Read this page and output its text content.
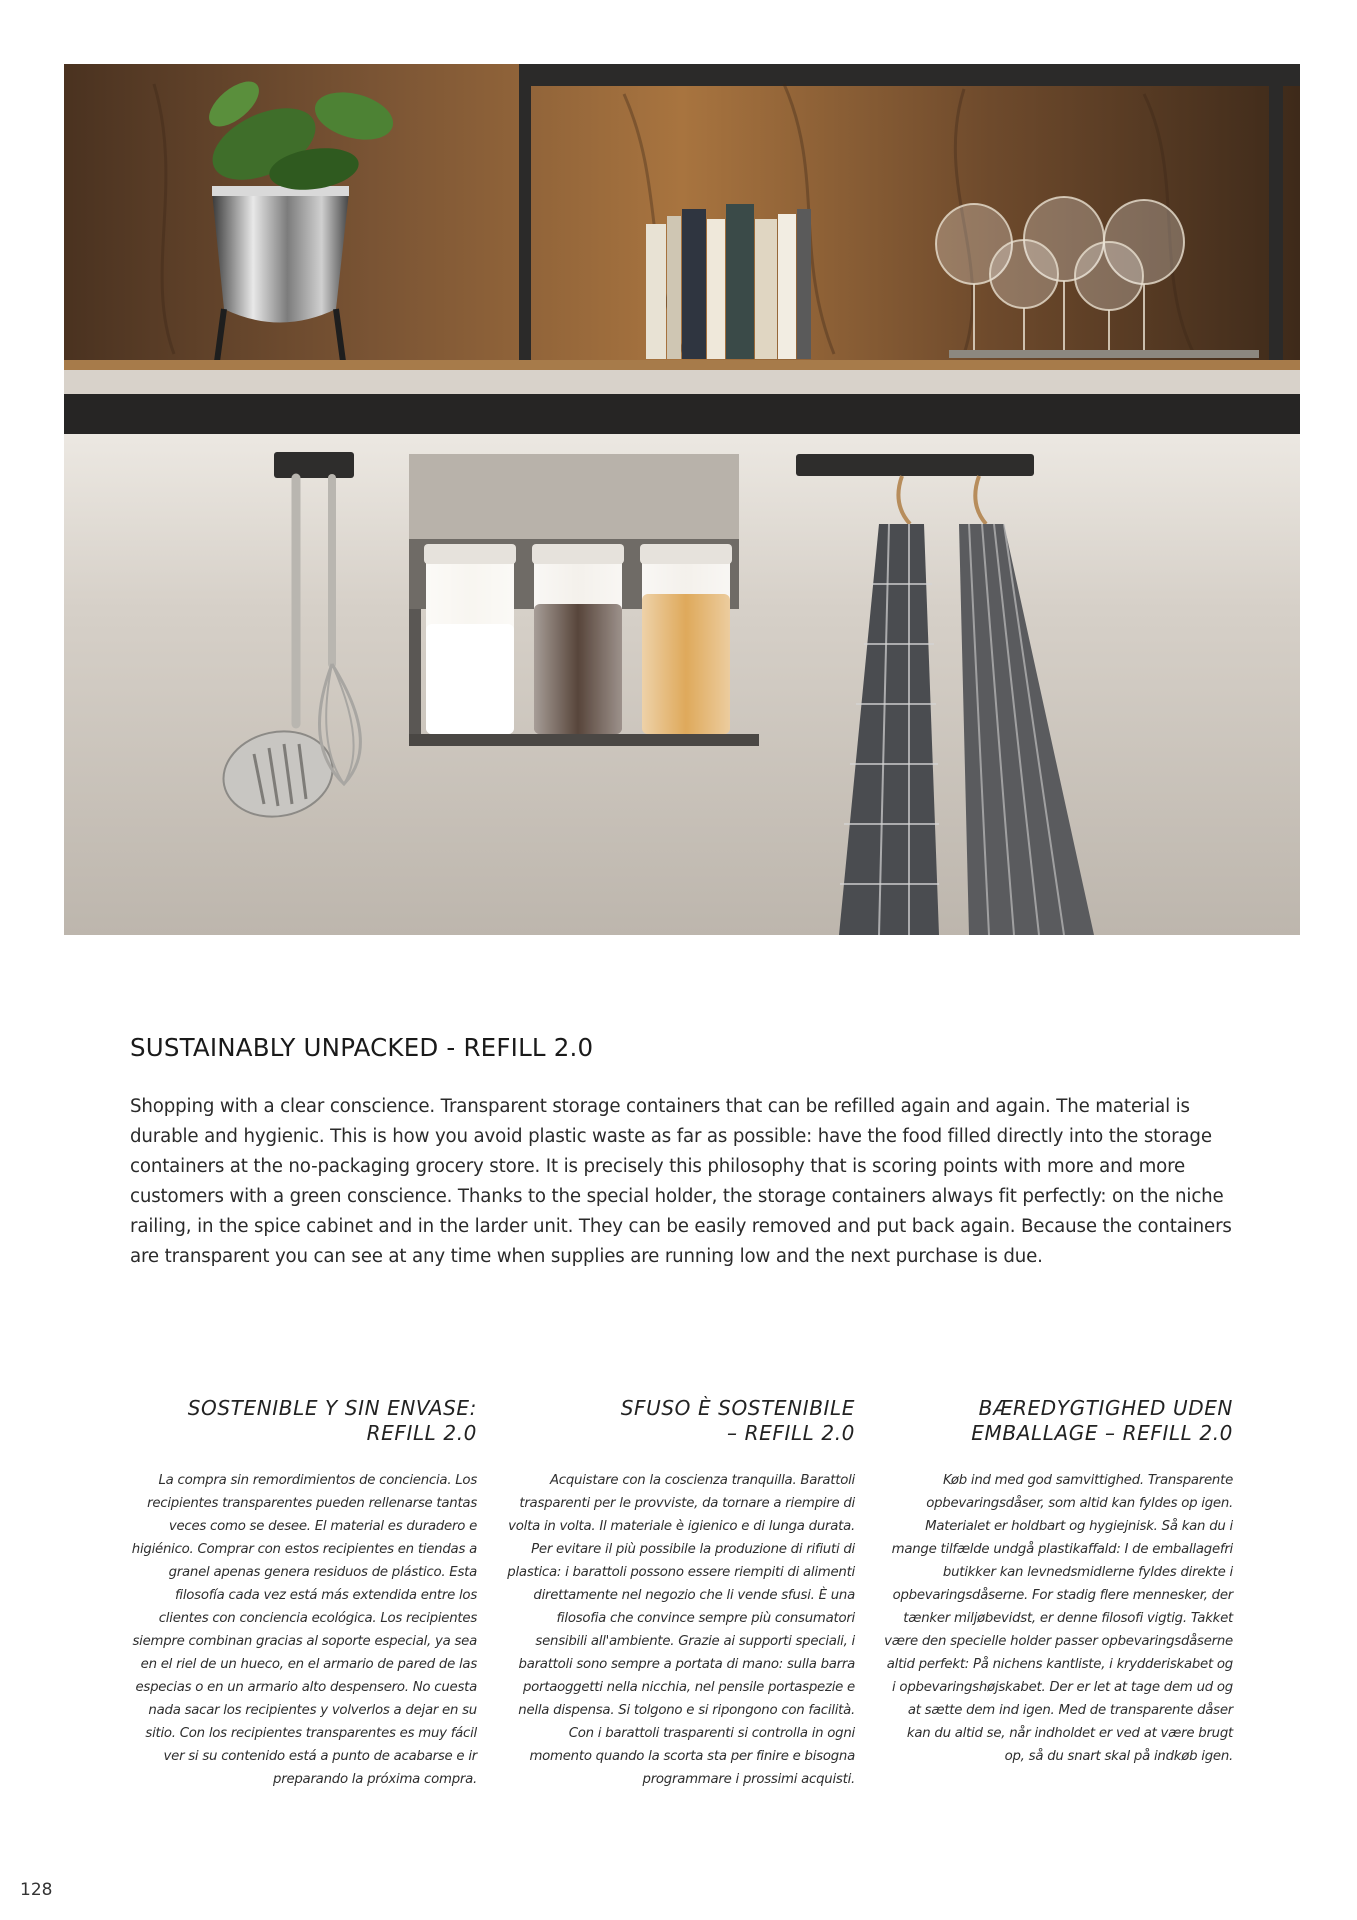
SUSTAINABLY UNPACKED - REFILL 2.0

Shopping with a clear conscience. Transparent storage containers that can be refilled again and again. The material is durable and hygienic. This is how you avoid plastic waste as far as possible: have the food filled directly into the storage containers at the no-packaging grocery store. It is precisely this philosophy that is scoring points with more and more customers with a green conscience. Thanks to the special holder, the storage containers always fit perfectly: on the niche railing, in the spice cabinet and in the larder unit. They can be easily removed and put back again. Because the containers are transparent you can see at any time when supplies are running low and the next purchase is due.

SOSTENIBLE Y SIN ENVASE:
REFILL 2.0

La compra sin remordimientos de conciencia. Los recipientes transparentes pueden rellenarse tantas veces como se desee. El material es duradero e higiénico. Comprar con estos recipientes en tiendas a granel apenas genera residuos de plástico. Esta filosofía cada vez está más extendida entre los clientes con conciencia ecológica. Los recipientes siempre combinan gracias al soporte especial, ya sea en el riel de un hueco, en el armario de pared de las especias o en un armario alto despensero. No cuesta nada sacar los recipientes y volverlos a dejar en su sitio. Con los recipientes transparentes es muy fácil ver si su contenido está a punto de acabarse e ir preparando la próxima compra.

SFUSO È SOSTENIBILE
– REFILL 2.0

Acquistare con la coscienza tranquilla. Barattoli trasparenti per le provviste, da tornare a riempire di volta in volta. Il materiale è igienico e di lunga durata. Per evitare il più possibile la produzione di rifiuti di plastica: i barattoli possono essere riempiti di alimenti direttamente nel negozio che li vende sfusi. È una filosofia che convince sempre più consumatori sensibili all'ambiente. Grazie ai supporti speciali, i barattoli sono sempre a portata di mano: sulla barra portaoggetti nella nicchia, nel pensile portaspezie e nella dispensa. Si tolgono e si ripongono con facilità. Con i barattoli trasparenti si controlla in ogni momento quando la scorta sta per finire e bisogna programmare i prossimi acquisti.

BÆREDYGTIGHED UDEN
EMBALLAGE – REFILL 2.0

Køb ind med god samvittighed. Transparente opbevaringsdåser, som altid kan fyldes op igen. Materialet er holdbart og hygiejnisk. Så kan du i mange tilfælde undgå plastikaffald: I de emballagefri butikker kan levnedsmidlerne fyldes direkte i opbevaringsdåserne. For stadig flere mennesker, der tænker miljøbevidst, er denne filosofi vigtig. Takket være den specielle holder passer opbevaringsdåserne altid perfekt: På nichens kantliste, i krydderiskabet og i opbevaringshøjskabet. Der er let at tage dem ud og at sætte dem ind igen. Med de transparente dåser kan du altid se, når indholdet er ved at være brugt op, så du snart skal på indkøb igen.

128
